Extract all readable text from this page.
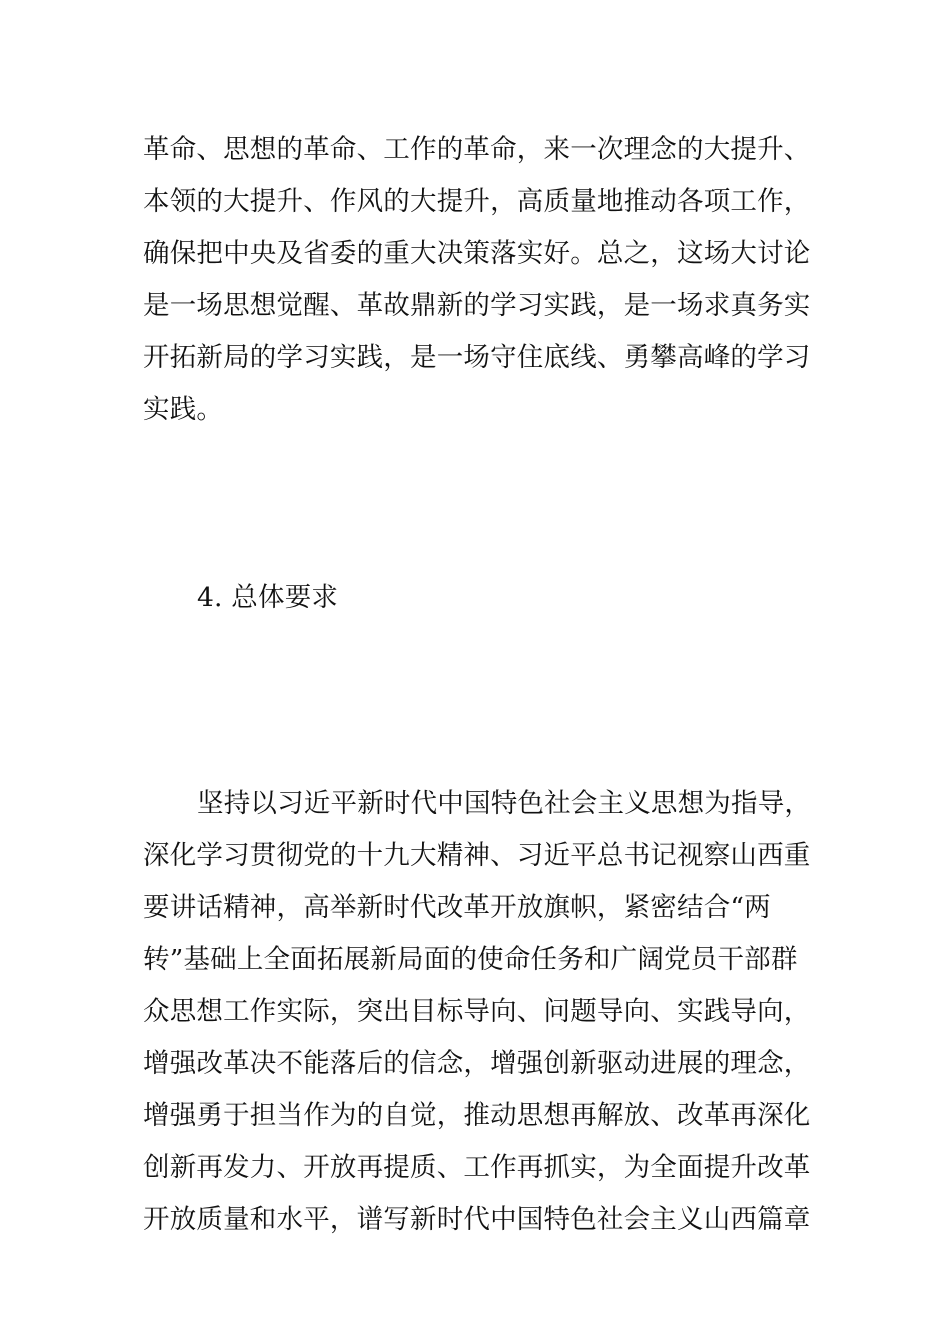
革命、思想的革命、工作的革命，来一次理念的大提升、
本领的大提升、作风的大提升，高质量地推动各项工作，
确保把中央及省委的重大决策落实好。总之，这场大讨论
是一场思想觉醒、革故鼎新的学习实践，是一场求真务实
开拓新局的学习实践，是一场守住底线、勇攀高峰的学习
实践。

4. 总体要求

坚持以习近平新时代中国特色社会主义思想为指导，
深化学习贯彻党的十九大精神、习近平总书记视察山西重
要讲话精神，高举新时代改革开放旗帜，紧密结合“两
转”基础上全面拓展新局面的使命任务和广阔党员干部群
众思想工作实际，突出目标导向、问题导向、实践导向，
增强改革决不能落后的信念，增强创新驱动进展的理念，
增强勇于担当作为的自觉，推动思想再解放、改革再深化
创新再发力、开放再提质、工作再抓实，为全面提升改革
开放质量和水平，谱写新时代中国特色社会主义山西篇章
